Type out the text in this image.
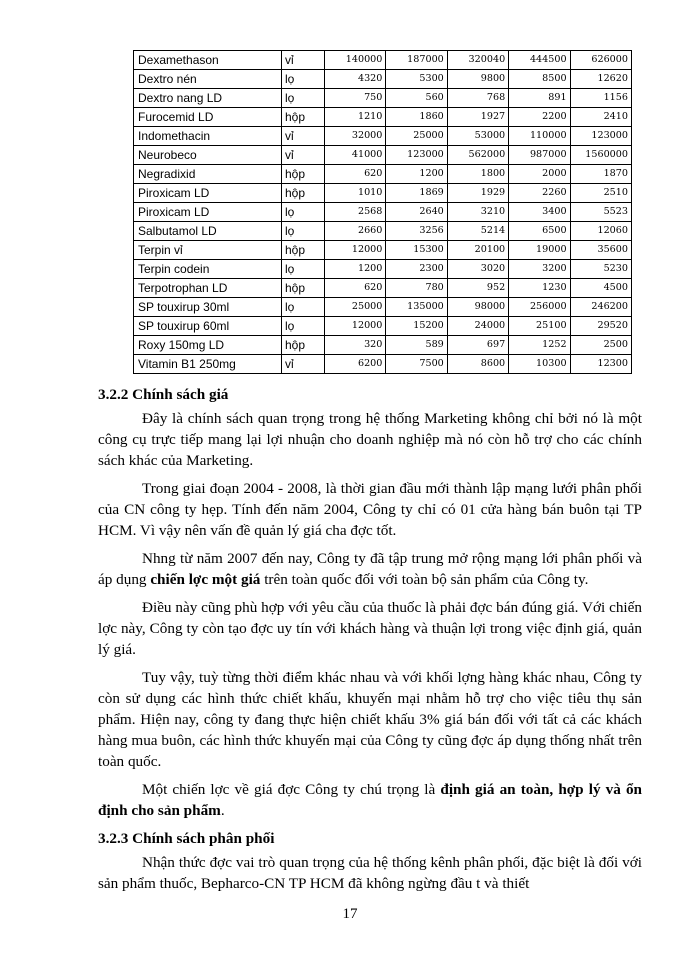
Dexamethason	vỉ	140000	187000	320040	444500	626000
Dextro nén	lọ	4320	5300	9800	8500	12620
Dextro nang LD	lọ	750	560	768	891	1156
Furocemid LD	hộp	1210	1860	1927	2200	2410
Indomethacin	vỉ	32000	25000	53000	110000	123000
Neurobeco	vỉ	41000	123000	562000	987000	1560000
Negradixid	hộp	620	1200	1800	2000	1870
Piroxicam LD	hộp	1010	1869	1929	2260	2510
Piroxicam LD	lọ	2568	2640	3210	3400	5523
Salbutamol LD	lọ	2660	3256	5214	6500	12060
Terpin vỉ	hộp	12000	15300	20100	19000	35600
Terpin codein	lọ	1200	2300	3020	3200	5230
Terpotrophan LD	hộp	620	780	952	1230	4500
SP touxirup 30ml	lọ	25000	135000	98000	256000	246200
SP touxirup 60ml	lọ	12000	15200	24000	25100	29520
Roxy 150mg LD	hộp	320	589	697	1252	2500
Vitamin B1 250mg	vỉ	6200	7500	8600	10300	12300
3.2.2 Chính sách giá

Đây là chính sách quan trọng trong hệ thống Marketing không chỉ bởi nó là một công cụ trực tiếp mang lại lợi nhuận cho doanh nghiệp mà nó còn hỗ trợ cho các chính sách khác của Marketing.

Trong giai đoạn 2004 - 2008, là thời gian đầu mới thành lập mạng lưới phân phối của CN công ty hẹp. Tính đến năm 2004, Công ty chỉ có 01 cửa hàng bán buôn tại TP HCM. Vì vậy nên vấn đề quản lý giá cha đợc tốt.

Nhng từ năm 2007 đến nay, Công ty đã tập trung mở rộng mạng lới phân phối và áp dụng chiến lợc một giá trên toàn quốc đối với toàn bộ sản phẩm của Công ty.

Điều này cũng phù hợp với yêu cầu của thuốc là phải đợc bán đúng giá. Với chiến lợc này, Công ty còn tạo đợc uy tín với khách hàng và thuận lợi trong việc định giá, quản lý giá.

Tuy vậy, tuỳ từng thời điểm khác nhau và với khối lợng hàng khác nhau, Công ty còn sử dụng các hình thức chiết khấu, khuyến mại nhằm hỗ trợ cho việc tiêu thụ sản phẩm. Hiện nay, công ty đang thực hiện chiết khấu 3% giá bán đối với tất cả các khách hàng mua buôn, các hình thức khuyến mại của Công ty cũng đợc áp dụng thống nhất trên toàn quốc.

Một chiến lợc về giá đợc Công ty chú trọng là định giá an toàn, hợp lý và ổn định cho sản phẩm.

3.2.3 Chính sách phân phối

Nhận thức đợc vai trò quan trọng của hệ thống kênh phân phối, đặc biệt là đối với sản phẩm thuốc, Bepharco-CN TP HCM đã không ngừng đầu t và thiết

17
